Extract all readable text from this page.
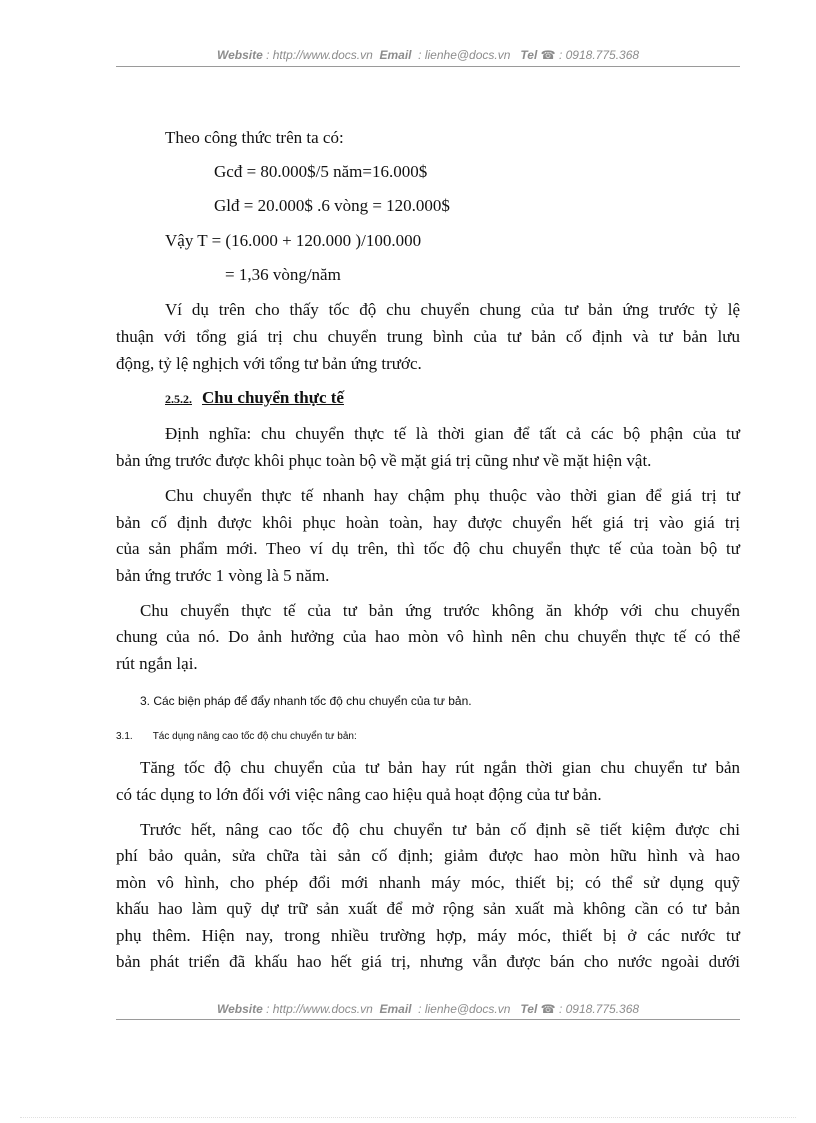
Website : http://www.docs.vn Email : lienhe@docs.vn Tel ☎ : 0918.775.368
Theo công thức trên ta có:
Gcđ = 80.000$/5 năm=16.000$
Glđ = 20.000$ .6 vòng = 120.000$
Vậy T = (16.000 + 120.000 )/100.000
= 1,36 vòng/năm
Ví dụ trên cho thấy tốc độ chu chuyển chung của tư bản ứng trước tỷ lệ
thuận với tổng giá trị chu chuyển trung bình của tư bản cố định và tư bản lưu
động, tỷ lệ nghịch với tổng tư bản ứng trước.
2.5.2. Chu chuyển thực tế
Định nghĩa: chu chuyển thực tế là thời gian để tất cả các bộ phận của tư
bản ứng trước được khôi phục toàn bộ về mặt giá trị cũng như về mặt hiện vật.
Chu chuyển thực tế nhanh hay chậm phụ thuộc vào thời gian để giá trị tư
bản cố định được khôi phục hoàn toàn, hay được chuyển hết giá trị vào giá trị
của sản phẩm mới. Theo ví dụ trên, thì tốc độ chu chuyển thực tế của toàn bộ tư
bản ứng trước 1 vòng là 5 năm.
Chu chuyển thực tế của tư bản ứng trước không ăn khớp với chu chuyển
chung của nó. Do ảnh hưởng của hao mòn vô hình nên chu chuyển thực tế có thể
rút ngắn lại.
3. Các biện pháp để đẩy nhanh tốc độ chu chuyển của tư bản.
3.1. Tác dụng nâng cao tốc độ chu chuyển tư bản:
Tăng tốc độ chu chuyển của tư bản hay rút ngắn thời gian chu chuyển tư bản
có tác dụng to lớn đối với việc nâng cao hiệu quả hoạt động của tư bản.
Trước hết, nâng cao tốc độ chu chuyển tư bản cố định sẽ tiết kiệm được chi
phí bảo quản, sửa chữa tài sản cố định; giảm được hao mòn hữu hình và hao
mòn vô hình, cho phép đổi mới nhanh máy móc, thiết bị; có thể sử dụng quỹ
khấu hao làm quỹ dự trữ sản xuất để mở rộng sản xuất mà không cần có tư bản
phụ thêm. Hiện nay, trong nhiều trường hợp, máy móc, thiết bị ở các nước tư
bản phát triển đã khấu hao hết giá trị, nhưng vẫn được bán cho nước ngoài dưới
Website : http://www.docs.vn Email : lienhe@docs.vn Tel ☎ : 0918.775.368
